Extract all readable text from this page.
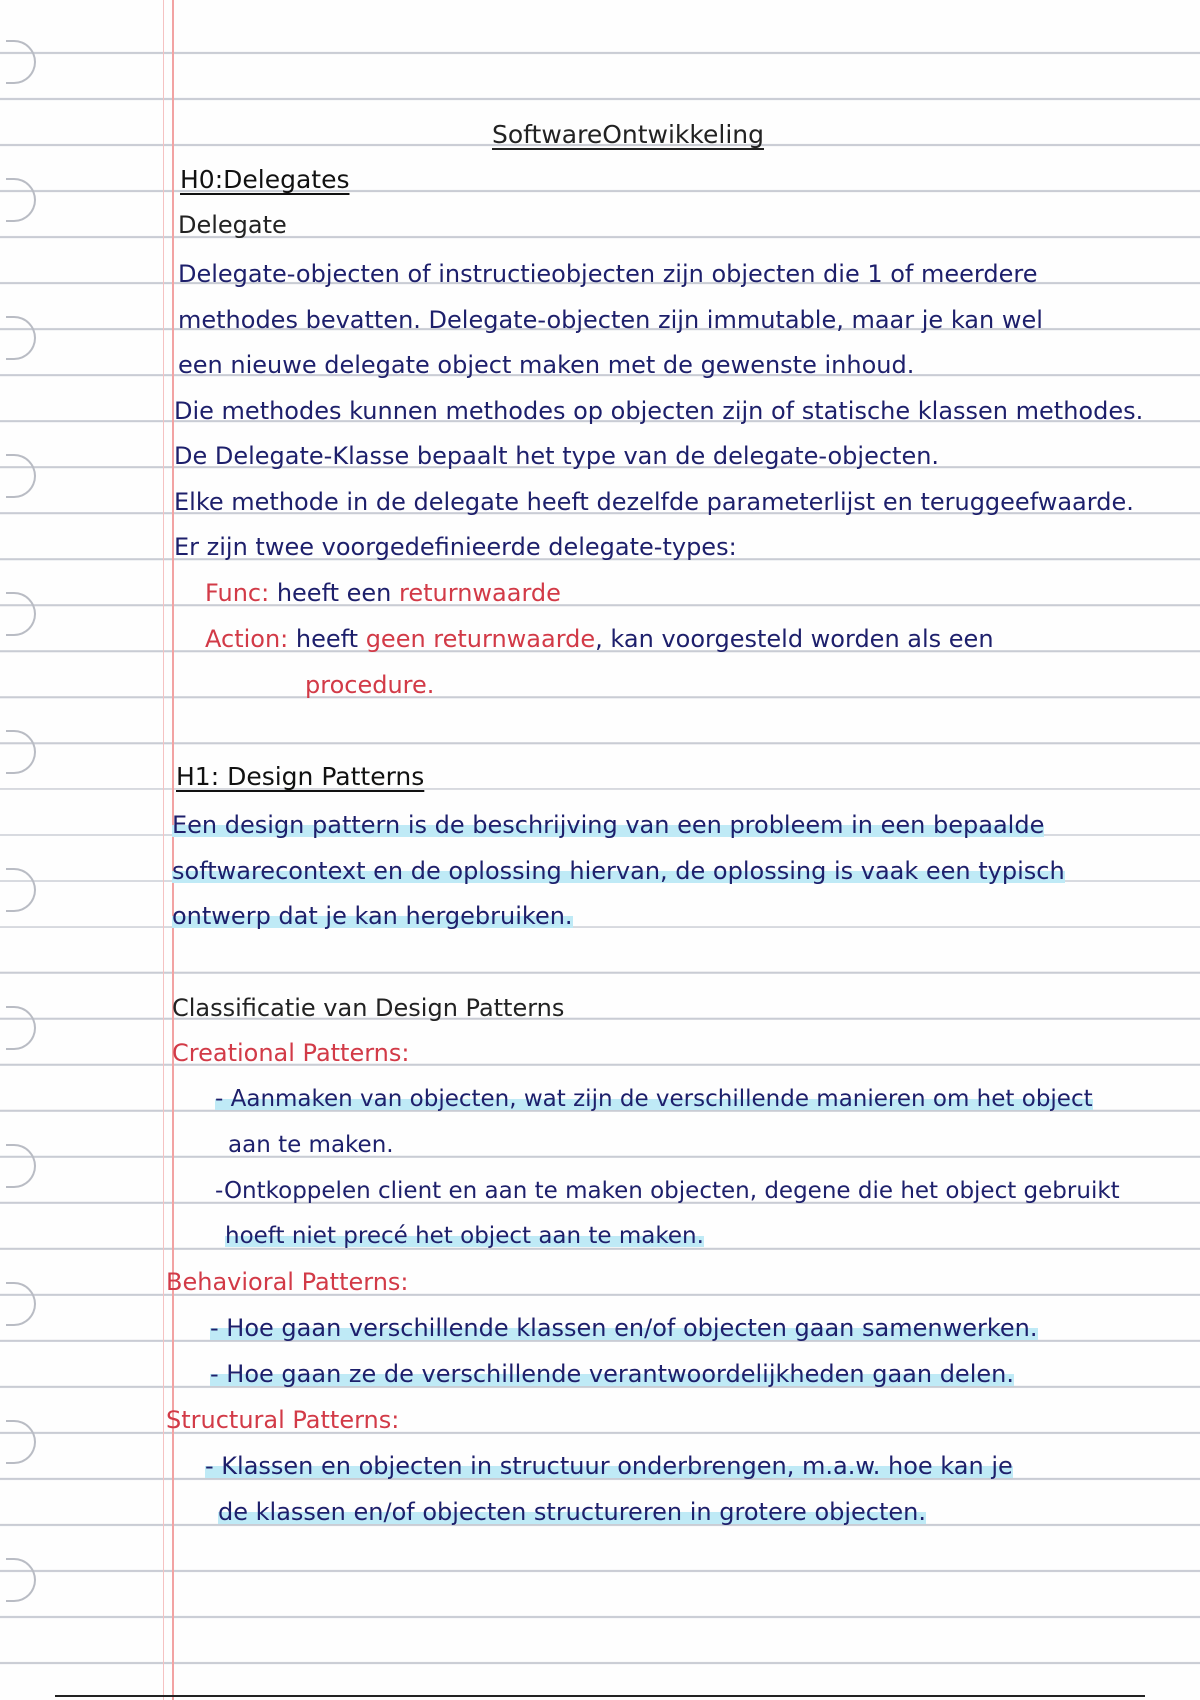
SoftwareOntwikkeling
H0:Delegates
Delegate
Delegate-objecten of instructieobjecten zijn objecten die 1 of meerdere
methodes bevatten. Delegate-objecten zijn immutable, maar je kan wel
een nieuwe delegate object maken met de gewenste inhoud.
Die methodes kunnen methodes op objecten zijn of statische klassen methodes.
De Delegate-Klasse bepaalt het type van de delegate-objecten.
Elke methode in de delegate heeft dezelfde parameterlijst en teruggeefwaarde.
Er zijn twee voorgedefinieerde delegate-types:
Func: heeft een returnwaarde
Action: heeft geen returnwaarde, kan voorgesteld worden als een
procedure.
H1: Design Patterns
Een design pattern is de beschrijving van een probleem in een bepaalde
softwarecontext en de oplossing hiervan, de oplossing is vaak een typisch
ontwerp dat je kan hergebruiken.
Classificatie van Design Patterns
Creational Patterns:
- Aanmaken van objecten, wat zijn de verschillende manieren om het object
aan te maken.
-Ontkoppelen client en aan te maken objecten, degene die het object gebruikt
hoeft niet precé het object aan te maken.
Behavioral Patterns:
- Hoe gaan verschillende klassen en/of objecten gaan samenwerken.
- Hoe gaan ze de verschillende verantwoordelijkheden gaan delen.
Structural Patterns:
- Klassen en objecten in structuur onderbrengen, m.a.w. hoe kan je
de klassen en/of objecten structureren in grotere objecten.
